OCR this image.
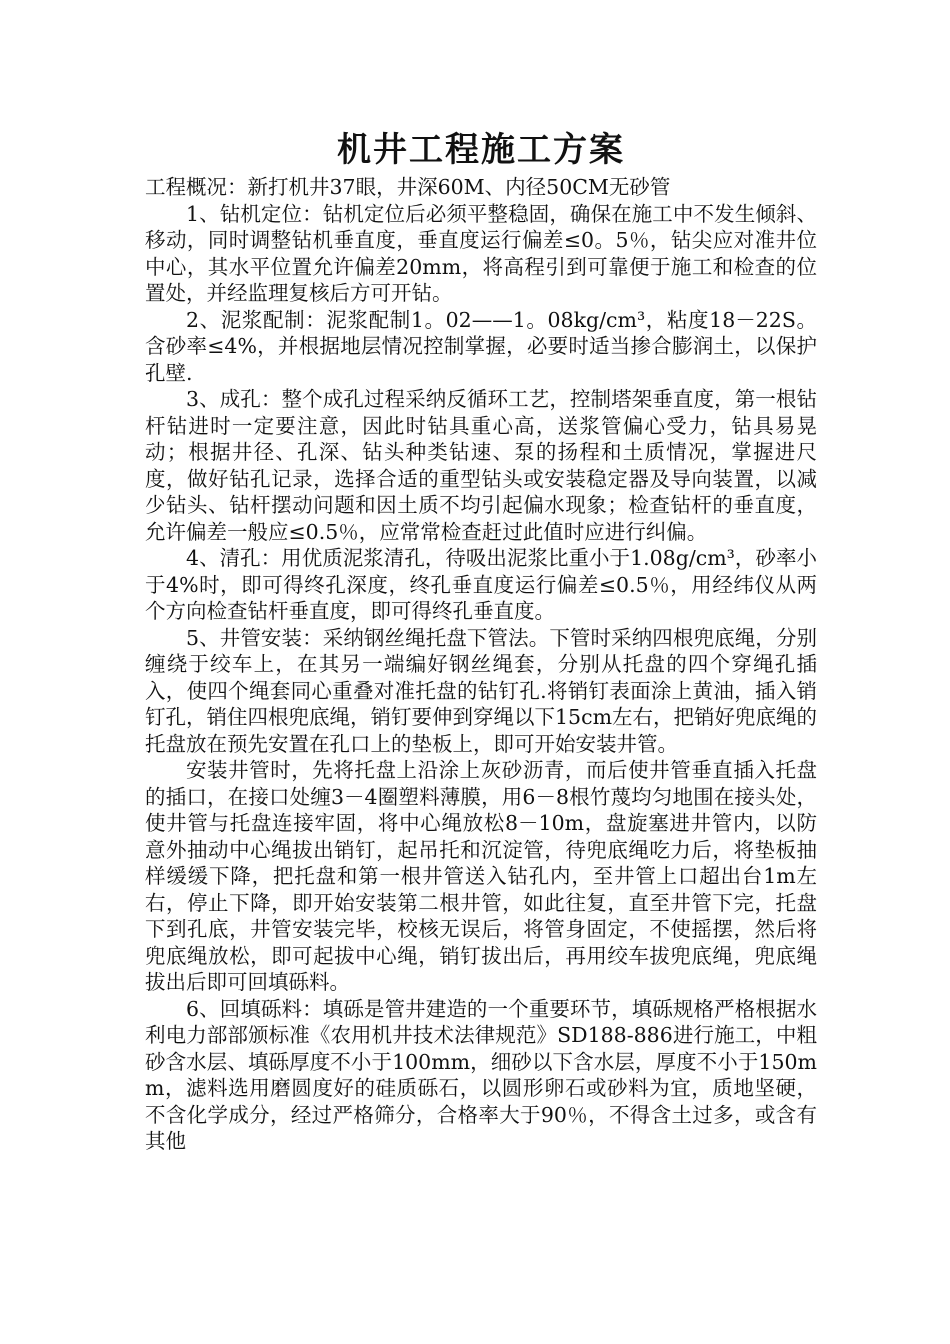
机井工程施工方案

工程概况：新打机井37眼，井深60M、内径50CM无砂管

1、钻机定位：钻机定位后必须平整稳固，确保在施工中不发生倾斜、移动，同时调整钻机垂直度，垂直度运行偏差≤0。5％，钻尖应对准井位中心，其水平位置允许偏差20mm，将高程引到可靠便于施工和检查的位置处，并经监理复核后方可开钻。

2、泥浆配制：泥浆配制1。02——1。08kg/cm³，粘度18－22S。含砂率≤4%，并根据地层情况控制掌握，必要时适当掺合膨润土，以保护孔壁.

3、成孔：整个成孔过程采纳反循环工艺，控制塔架垂直度，第一根钻杆钻进时一定要注意，因此时钻具重心高，送浆管偏心受力，钻具易晃动；根据井径、孔深、钻头种类钻速、泵的扬程和土质情况，掌握进尺度，做好钻孔记录，选择合适的重型钻头或安装稳定器及导向装置，以减少钻头、钻杆摆动问题和因土质不均引起偏水现象；检查钻杆的垂直度，允许偏差一般应≤0.5％，应常常检查赶过此值时应进行纠偏。

4、清孔：用优质泥浆清孔，待吸出泥浆比重小于1.08g/cm³，砂率小于4%时，即可得终孔深度，终孔垂直度运行偏差≤0.5％，用经纬仪从两个方向检查钻杆垂直度，即可得终孔垂直度。

5、井管安装：采纳钢丝绳托盘下管法。下管时采纳四根兜底绳，分别缠绕于绞车上，在其另一端编好钢丝绳套，分别从托盘的四个穿绳孔插入，使四个绳套同心重叠对准托盘的钻钉孔.将销钉表面涂上黄油，插入销钉孔，销住四根兜底绳，销钉要伸到穿绳以下15cm左右，把销好兜底绳的托盘放在预先安置在孔口上的垫板上，即可开始安装井管。

安装井管时，先将托盘上沿涂上灰砂沥青，而后使井管垂直插入托盘的插口，在接口处缠3－4圈塑料薄膜，用6－8根竹蔑均匀地围在接头处，使井管与托盘连接牢固，将中心绳放松8－10m，盘旋塞进井管内，以防意外抽动中心绳拔出销钉，起吊托和沉淀管，待兜底绳吃力后，将垫板抽样缓缓下降，把托盘和第一根井管送入钻孔内，至井管上口超出台1m左右，停止下降，即开始安装第二根井管，如此往复，直至井管下完，托盘下到孔底，井管安装完毕，校核无误后，将管身固定，不使摇摆，然后将兜底绳放松，即可起拔中心绳，销钉拔出后，再用绞车拔兜底绳，兜底绳拔出后即可回填砾料。

6、回填砾料：填砾是管井建造的一个重要环节，填砾规格严格根据水利电力部部颁标准《农用机井技术法律规范》SD188-886进行施工，中粗砂含水层、填砾厚度不小于100mm，细砂以下含水层，厚度不小于150mm，滤料选用磨圆度好的硅质砾石，以圆形卵石或砂料为宜，质地坚硬，不含化学成分，经过严格筛分，合格率大于90％，不得含土过多，或含有其他
